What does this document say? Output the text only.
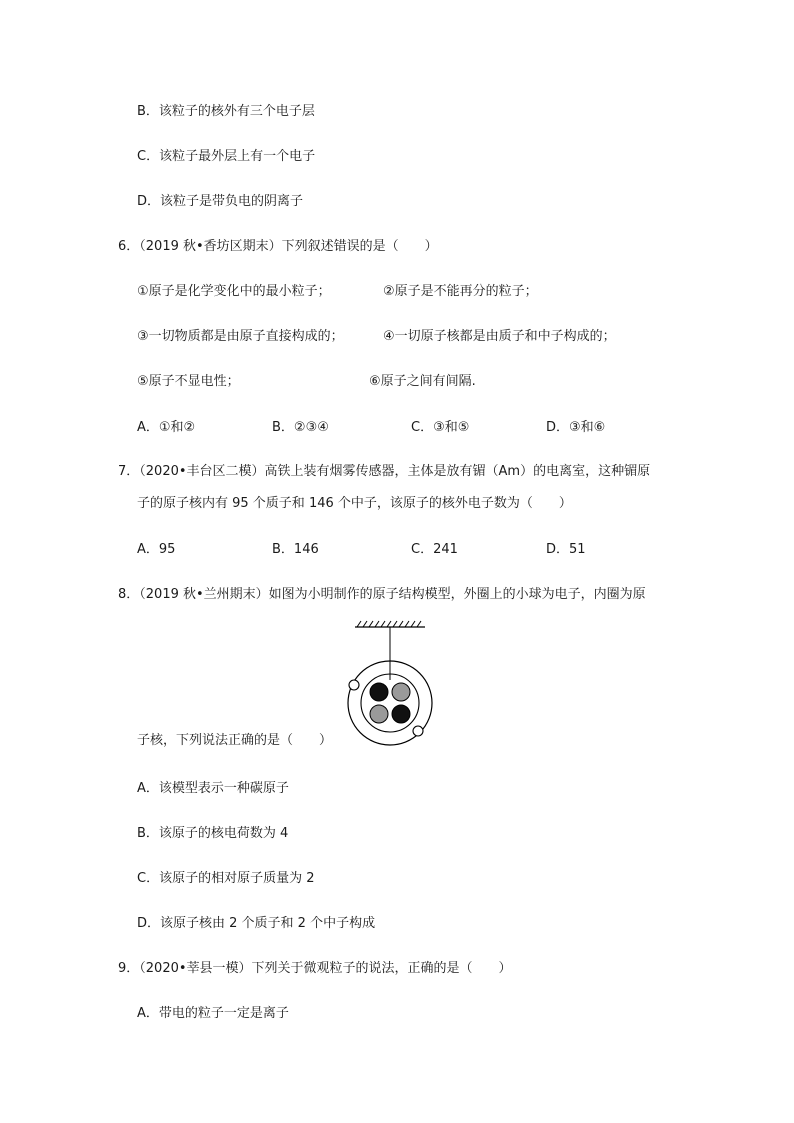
B．该粒子的核外有三个电子层
C．该粒子最外层上有一个电子
D．该粒子是带负电的阴离子
6．（2019 秋•香坊区期末）下列叙述错误的是（　　）
①原子是化学变化中的最小粒子；	②原子是不能再分的粒子；
③一切物质都是由原子直接构成的；	④一切原子核都是由质子和中子构成的；
⑤原子不显电性；	⑥原子之间有间隔.
A．①和②	B．②③④	C．③和⑤	D．③和⑥
7．（2020•丰台区二模）高铁上装有烟雾传感器，主体是放有镅（Am）的电离室，这种镅原
子的原子核内有 95 个质子和 146 个中子，该原子的核外电子数为（　　）
A．95	B．146	C．241	D．51
8．（2019 秋•兰州期末）如图为小明制作的原子结构模型，外圈上的小球为电子，内圈为原
子核，下列说法正确的是（　　）
A．该模型表示一种碳原子
B．该原子的核电荷数为 4
C．该原子的相对原子质量为 2
D．该原子核由 2 个质子和 2 个中子构成
9．（2020•莘县一模）下列关于微观粒子的说法，正确的是（　　）
A．带电的粒子一定是离子
